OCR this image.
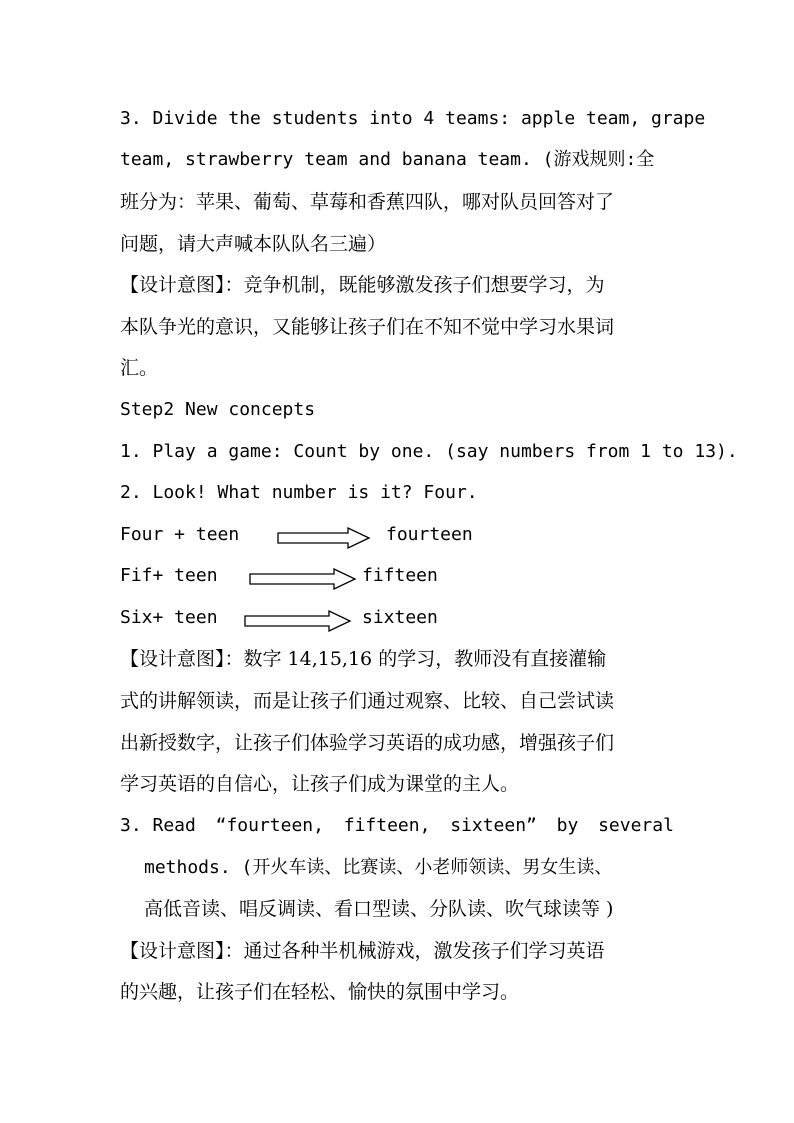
3. Divide the students into 4 teams: apple team, grape
team, strawberry team and banana team. (游戏规则:全
班分为：苹果、葡萄、草莓和香蕉四队，哪对队员回答对了
问题，请大声喊本队队名三遍）
【设计意图】：竞争机制，既能够激发孩子们想要学习，为
本队争光的意识，又能够让孩子们在不知不觉中学习水果词
汇。
Step2 New concepts
1. Play a game: Count by one. (say numbers from 1 to 13).
2. Look! What number is it? Four.
Four + teen	fourteen
Fif+ teen	fifteen
Six+ teen	sixteen
【设计意图】：数字 14,15,16 的学习，教师没有直接灌输
式的讲解领读，而是让孩子们通过观察、比较、自己尝试读
出新授数字，让孩子们体验学习英语的成功感，增强孩子们
学习英语的自信心，让孩子们成为课堂的主人。
3. Read “fourteen, fifteen, sixteen” by several
methods. (开火车读、比赛读、小老师领读、男女生读、
高低音读、唱反调读、看口型读、分队读、吹气球读等 )
【设计意图】：通过各种半机械游戏，激发孩子们学习英语
的兴趣，让孩子们在轻松、愉快的氛围中学习。
